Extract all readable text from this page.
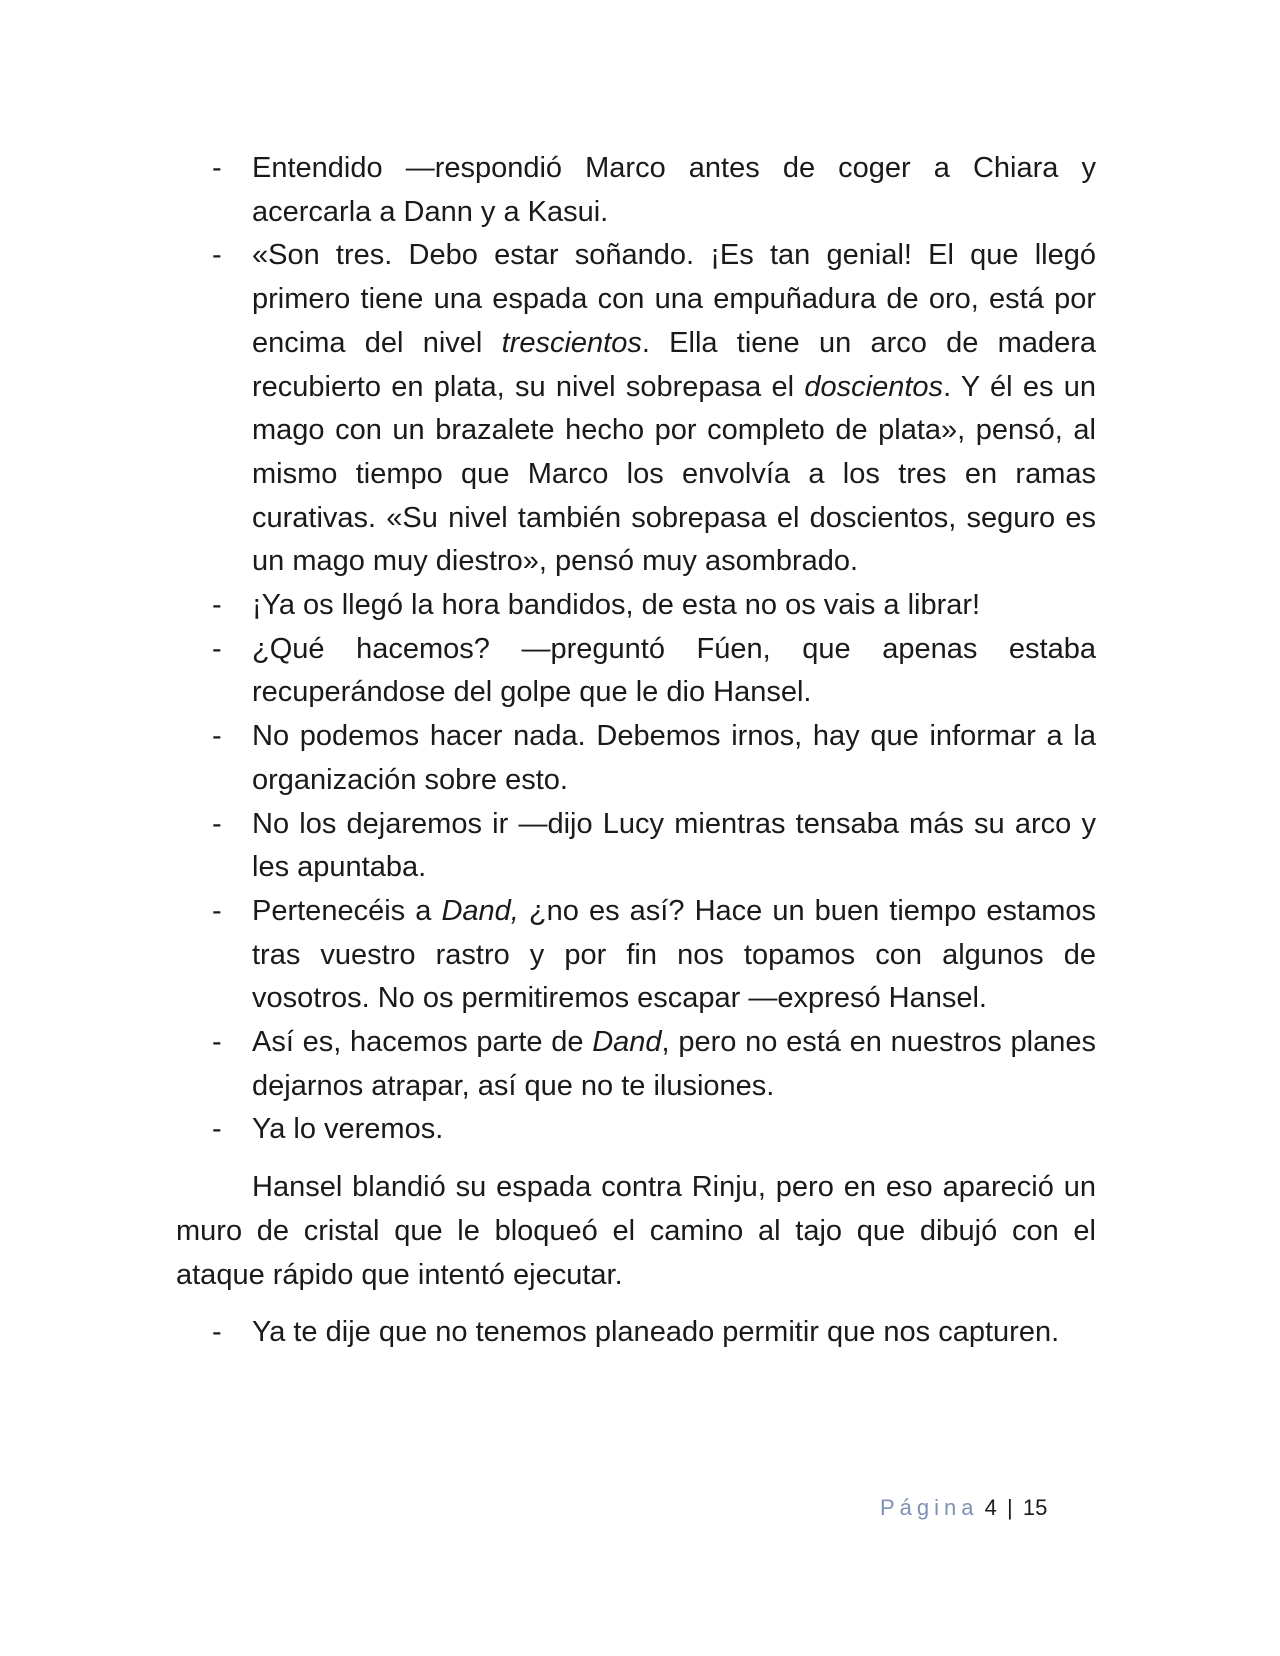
-	Entendido —respondió Marco antes de coger a Chiara y acercarla a Dann y a Kasui.
-	«Son tres. Debo estar soñando. ¡Es tan genial! El que llegó primero tiene una espada con una empuñadura de oro, está por encima del nivel trescientos. Ella tiene un arco de madera recubierto en plata, su nivel sobrepasa el doscientos. Y él es un mago con un brazalete hecho por completo de plata», pensó, al mismo tiempo que Marco los envolvía a los tres en ramas curativas. «Su nivel también sobrepasa el doscientos, seguro es un mago muy diestro», pensó muy asombrado.
-	¡Ya os llegó la hora bandidos, de esta no os vais a librar!
-	¿Qué hacemos? —preguntó Fúen, que apenas estaba recuperándose del golpe que le dio Hansel.
-	No podemos hacer nada. Debemos irnos, hay que informar a la organización sobre esto.
-	No los dejaremos ir —dijo Lucy mientras tensaba más su arco y les apuntaba.
-	Pertenecéis a Dand, ¿no es así? Hace un buen tiempo estamos tras vuestro rastro y por fin nos topamos con algunos de vosotros. No os permitiremos escapar —expresó Hansel.
-	Así es, hacemos parte de Dand, pero no está en nuestros planes dejarnos atrapar, así que no te ilusiones.
-	Ya lo veremos.

Hansel blandió su espada contra Rinju, pero en eso apareció un muro de cristal que le bloqueó el camino al tajo que dibujó con el ataque rápido que intentó ejecutar.

-	Ya te dije que no tenemos planeado permitir que nos capturen.
Página 4 | 15
